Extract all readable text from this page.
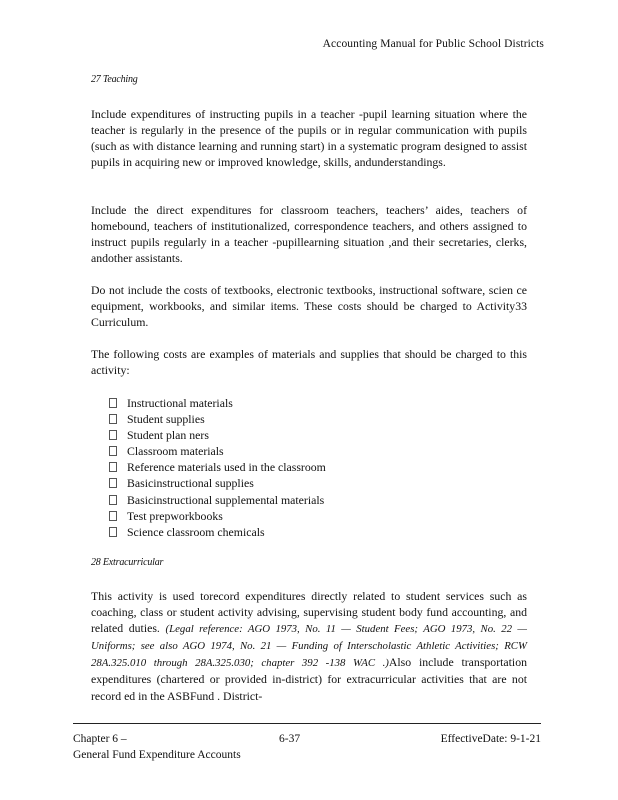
Accounting Manual for Public School Districts
27 Teaching
Include expenditures of instructing pupils in a teacher -pupil learning situation where the teacher is regularly in the presence of the pupils or in regular communication with pupils (such as with distance learning and running start) in a systematic program designed to assist pupils in acquiring new or improved knowledge, skills, andunderstandings.
Include the direct expenditures for classroom teachers, teachers’ aides, teachers of homebound, teachers of institutionalized, correspondence teachers, and others assigned to instruct pupils regularly in a teacher -pupillearning situation ,and their secretaries, clerks, andother assistants.
Do not include the costs of textbooks, electronic textbooks, instructional software, scien ce equipment, workbooks, and similar items. These costs should be charged to Activity33 Curriculum.
The following costs are examples of materials and supplies that should be charged to this activity:
Instructional materials
Student supplies
Student plan ners
Classroom materials
Reference materials used in the classroom
Basicinstructional supplies
Basicinstructional supplemental materials
Test prepworkbooks
Science classroom chemicals
28 Extracurricular
This activity is used torecord expenditures directly related to student services such as coaching, class or student activity advising, supervising student body fund accounting, and related duties. (Legal reference: AGO 1973, No. 11 — Student Fees; AGO 1973, No. 22 — Uniforms; see also AGO 1974, No. 21 — Funding of Interscholastic Athletic Activities; RCW 28A.325.010 through 28A.325.030; chapter 392 -138 WAC .)Also include transportation expenditures (chartered or provided in-district) for extracurricular activities that are not record ed in the ASBFund . District-
Chapter 6 –
General Fund Expenditure Accounts
6-37	EffectiveDate: 9-1-21
